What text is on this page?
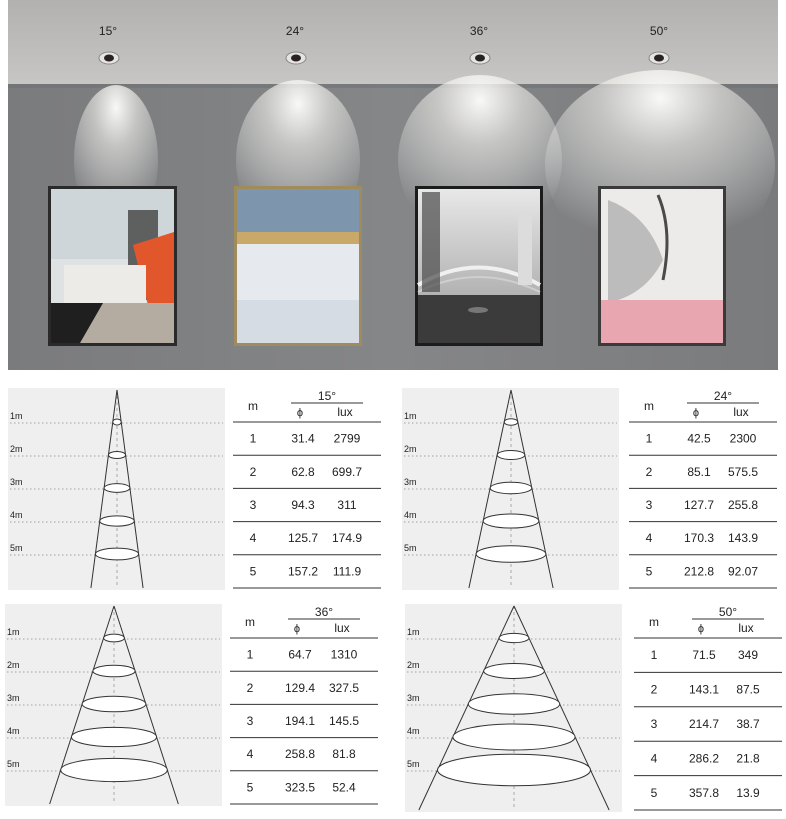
15°	24°	36°	50°
1m
2m
3m
4m
5m
m
15°
ϕ	lux
1	31.4 2799
2	62.8 699.7
3	94.3 311
4	125.7 174.9
5	157.2 111.9
1m
2m
3m
4m
5m
m
24°
ϕ	lux
1	42.5 2300
2	85.1 575.5
3	127.7 255.8
4	170.3 143.9
5	212.8 92.07
1m
2m
3m
4m
5m
m
36°
ϕ	lux
1	64.7 1310
2	129.4 327.5
3	194.1 145.5
4	258.8 81.8
5	323.5 52.4
1m
2m
3m
4m
5m
m
50°
ϕ	lux
1	71.5 349
2	143.1 87.5
3	214.7 38.7
4	286.2 21.8
5	357.8 13.9
